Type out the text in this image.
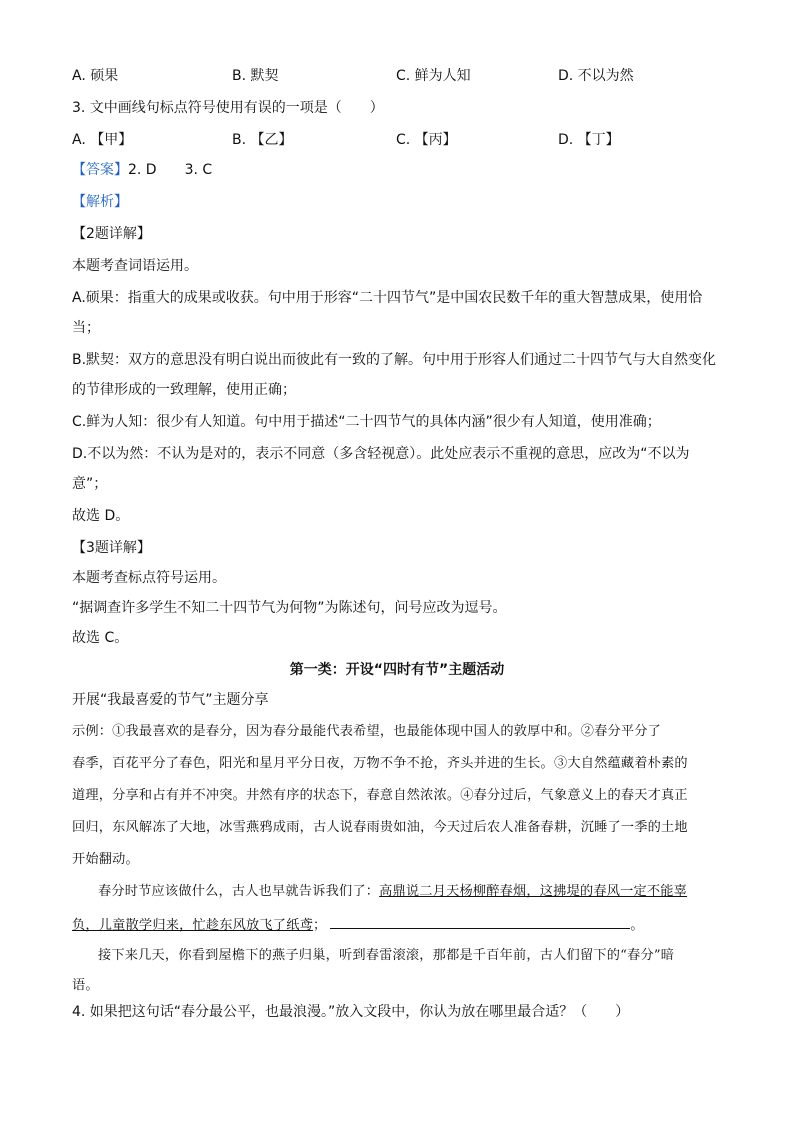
A. 硕果	B. 默契	C. 鲜为人知	D. 不以为然
3. 文中画线句标点符号使用有误的一项是（　　）
A. 【甲】	B. 【乙】	C. 【丙】	D. 【丁】
【答案】2. D　　3. C
【解析】
【2题详解】
本题考查词语运用。
A.硕果：指重大的成果或收获。句中用于形容“二十四节气”是中国农民数千年的重大智慧成果，使用恰
当；
B.默契：双方的意思没有明白说出而彼此有一致的了解。句中用于形容人们通过二十四节气与大自然变化
的节律形成的一致理解，使用正确；
C.鲜为人知：很少有人知道。句中用于描述“二十四节气的具体内涵”很少有人知道，使用准确；
D.不以为然：不认为是对的，表示不同意（多含轻视意）。此处应表示不重视的意思，应改为“不以为
意”；
故选 D。
【3题详解】
本题考查标点符号运用。
“据调查许多学生不知二十四节气为何物”为陈述句，问号应改为逗号。
故选 C。
第一类：开设“四时有节”主题活动
开展“我最喜爱的节气”主题分享
示例：①我最喜欢的是春分，因为春分最能代表希望，也最能体现中国人的敦厚中和。②春分平分了
春季，百花平分了春色，阳光和星月平分日夜，万物不争不抢，齐头并进的生长。③大自然蕴藏着朴素的
道理，分享和占有并不冲突。井然有序的状态下，春意自然浓浓。④春分过后，气象意义上的春天才真正
回归，东风解冻了大地，冰雪燕鸦成雨，古人说春雨贵如油，今天过后农人准备春耕，沉睡了一季的土地
开始翻动。
春分时节应该做什么，古人也早就告诉我们了：高鼎说二月天杨柳醉春烟，这拂堤的春风一定不能辜
负，儿童散学归来，忙趁东风放飞了纸鸢；	。
接下来几天，你看到屋檐下的燕子归巢，听到春雷滚滚，那都是千百年前，古人们留下的“春分”暗
语。
4. 如果把这句话“春分最公平，也最浪漫。”放入文段中，你认为放在哪里最合适？（　　）
